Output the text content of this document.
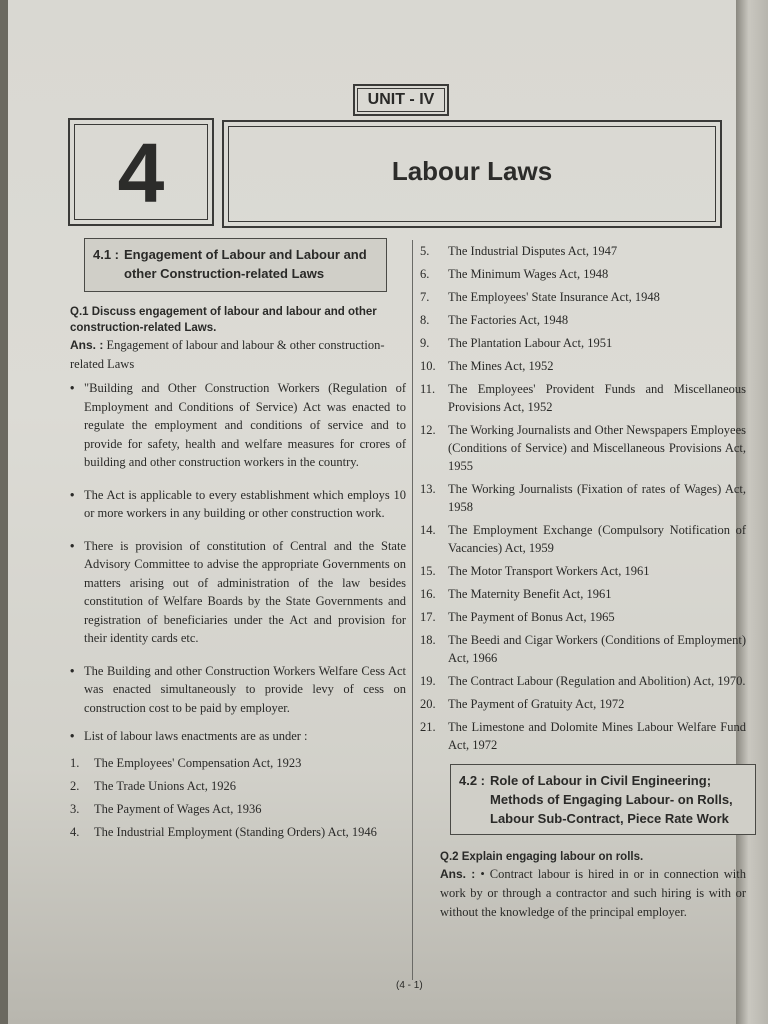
UNIT - IV
4	Labour Laws
4.1 : Engagement of Labour and Labour and other Construction-related Laws
Q.1 Discuss engagement of labour and labour and other construction-related Laws.
Ans. : Engagement of labour and labour & other construction-related Laws
• "Building and Other Construction Workers (Regulation of Employment and Conditions of Service) Act was enacted to regulate the employment and conditions of service and to provide for safety, health and welfare measures for crores of building and other construction workers in the country.
• The Act is applicable to every establishment which employs 10 or more workers in any building or other construction work.
• There is provision of constitution of Central and the State Advisory Committee to advise the appropriate Governments on matters arising out of administration of the law besides constitution of Welfare Boards by the State Governments and registration of beneficiaries under the Act and provision for their identity cards etc.
• The Building and other Construction Workers Welfare Cess Act was enacted simultaneously to provide levy of cess on construction cost to be paid by employer.
• List of labour laws enactments are as under :
1.	The Employees' Compensation Act, 1923
2.	The Trade Unions Act, 1926
3.	The Payment of Wages Act, 1936
4.	The Industrial Employment (Standing Orders) Act, 1946
5.	The Industrial Disputes Act, 1947
6.	The Minimum Wages Act, 1948
7.	The Employees' State Insurance Act, 1948
8.	The Factories Act, 1948
9.	The Plantation Labour Act, 1951
10. The Mines Act, 1952
11.	The Employees' Provident Funds and Miscellaneous Provisions Act, 1952
12. The Working Journalists and Other Newspapers Employees (Conditions of Service) and Miscellaneous Provisions Act, 1955
13. The Working Journalists (Fixation of rates of Wages) Act, 1958
14. The Employment Exchange (Compulsory Notification of Vacancies) Act, 1959
15. The Motor Transport Workers Act, 1961
16. The Maternity Benefit Act, 1961
17. The Payment of Bonus Act, 1965
18. The Beedi and Cigar Workers (Conditions of Employment) Act, 1966
19. The Contract Labour (Regulation and Abolition) Act, 1970.
20. The Payment of Gratuity Act, 1972
21. The Limestone and Dolomite Mines Labour Welfare Fund Act, 1972
4.2 : Role of Labour in Civil Engineering; Methods of Engaging Labour- on Rolls, Labour Sub-Contract, Piece Rate Work
Q.2 Explain engaging labour on rolls.
Ans. : • Contract labour is hired in or in connection with work by or through a contractor and such hiring is with or without the knowledge of the principal employer.
(4 - 1)
